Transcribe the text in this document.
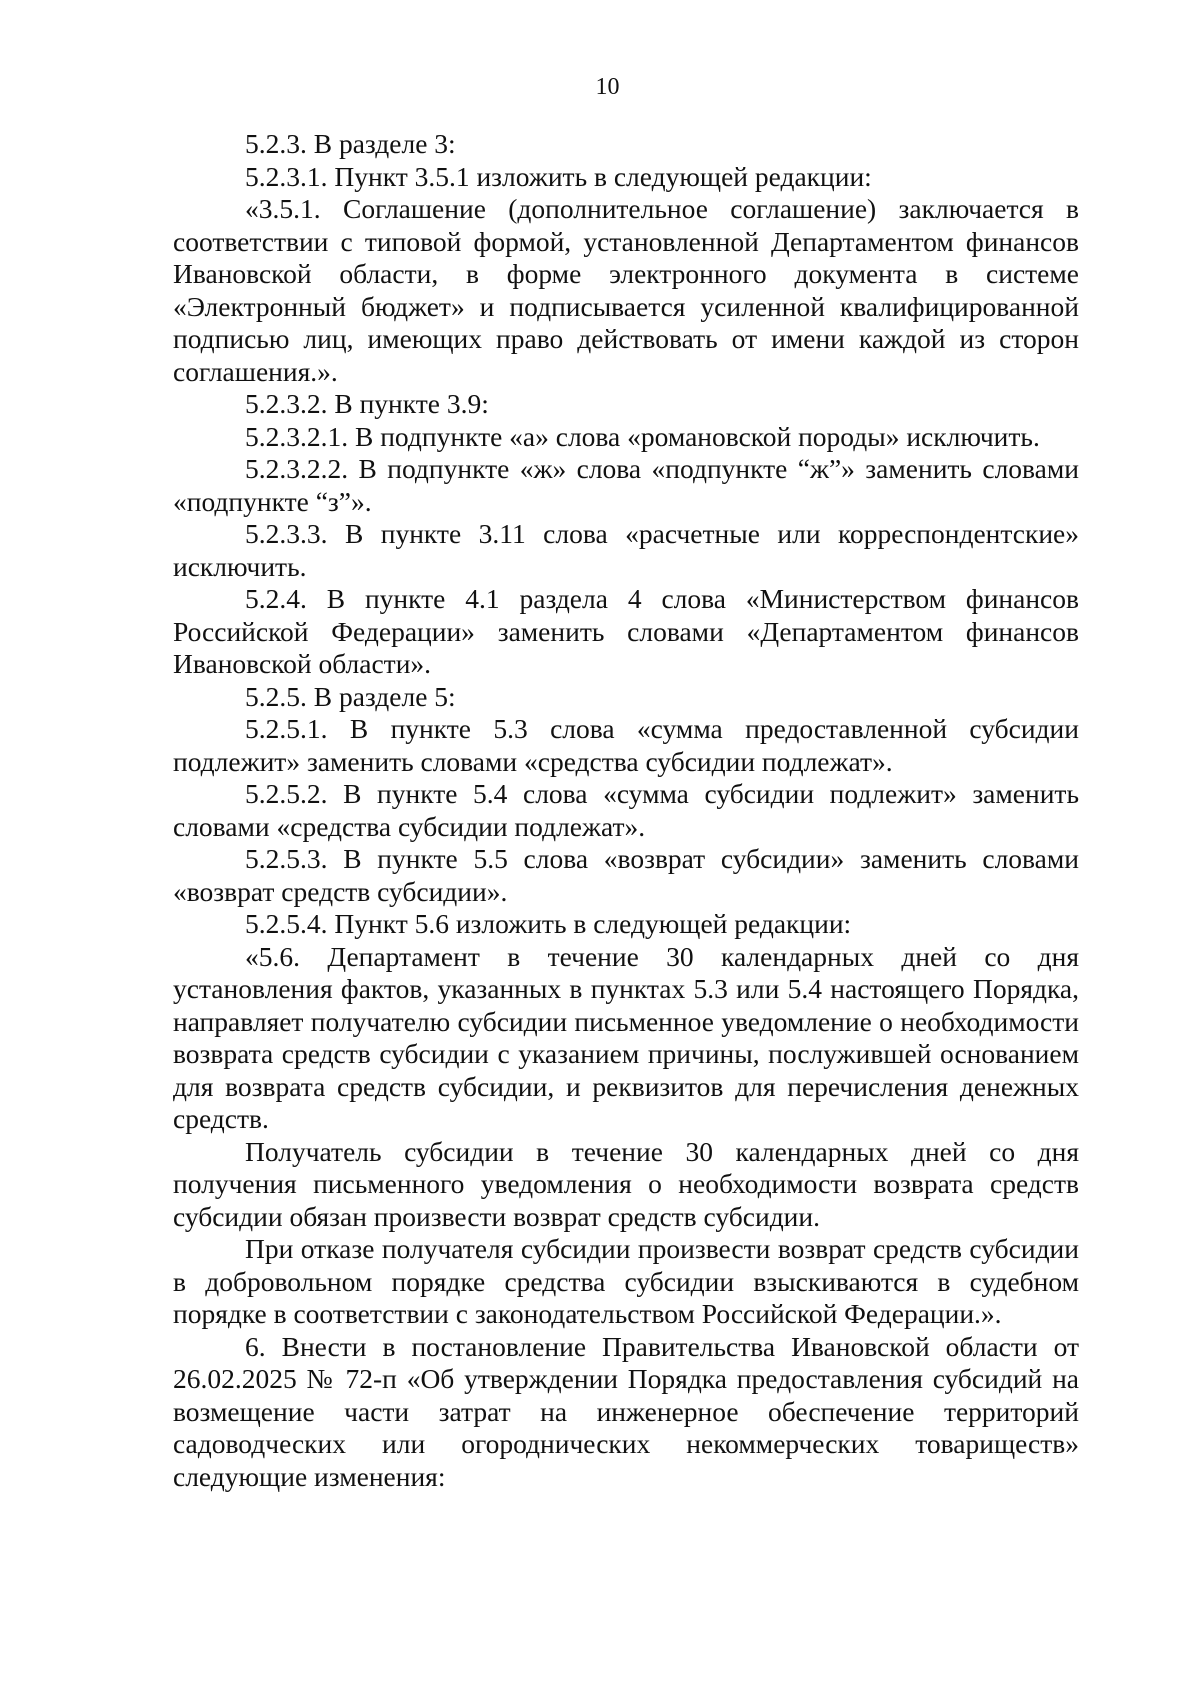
10

5.2.3. В разделе 3:

5.2.3.1. Пункт 3.5.1 изложить в следующей редакции:

«3.5.1. Соглашение (дополнительное соглашение) заключается в соответствии с типовой формой, установленной Департаментом финансов Ивановской области, в форме электронного документа в системе «Электронный бюджет» и подписывается усиленной квалифицированной подписью лиц, имеющих право действовать от имени каждой из сторон соглашения.».

5.2.3.2. В пункте 3.9:

5.2.3.2.1. В подпункте «а» слова «романовской породы» исключить.

5.2.3.2.2. В подпункте «ж» слова «подпункте “ж”» заменить словами «подпункте “з”».

5.2.3.3. В пункте 3.11 слова «расчетные или корреспондентские» исключить.

5.2.4. В пункте 4.1 раздела 4 слова «Министерством финансов Российской Федерации» заменить словами «Департаментом финансов Ивановской области».

5.2.5. В разделе 5:

5.2.5.1. В пункте 5.3 слова «сумма предоставленной субсидии подлежит» заменить словами «средства субсидии подлежат».

5.2.5.2. В пункте 5.4 слова «сумма субсидии подлежит» заменить словами «средства субсидии подлежат».

5.2.5.3. В пункте 5.5 слова «возврат субсидии» заменить словами «возврат средств субсидии».

5.2.5.4. Пункт 5.6 изложить в следующей редакции:

«5.6. Департамент в течение 30 календарных дней со дня установления фактов, указанных в пунктах 5.3 или 5.4 настоящего Порядка, направляет получателю субсидии письменное уведомление о необходимости возврата средств субсидии с указанием причины, послужившей основанием для возврата средств субсидии, и реквизитов для перечисления денежных средств.

Получатель субсидии в течение 30 календарных дней со дня получения письменного уведомления о необходимости возврата средств субсидии обязан произвести возврат средств субсидии.

При отказе получателя субсидии произвести возврат средств субсидии в добровольном порядке средства субсидии взыскиваются в судебном порядке в соответствии с законодательством Российской Федерации.».

6. Внести в постановление Правительства Ивановской области от 26.02.2025 № 72-п «Об утверждении Порядка предоставления субсидий на возмещение части затрат на инженерное обеспечение территорий садоводческих или огороднических некоммерческих товариществ» следующие изменения:
